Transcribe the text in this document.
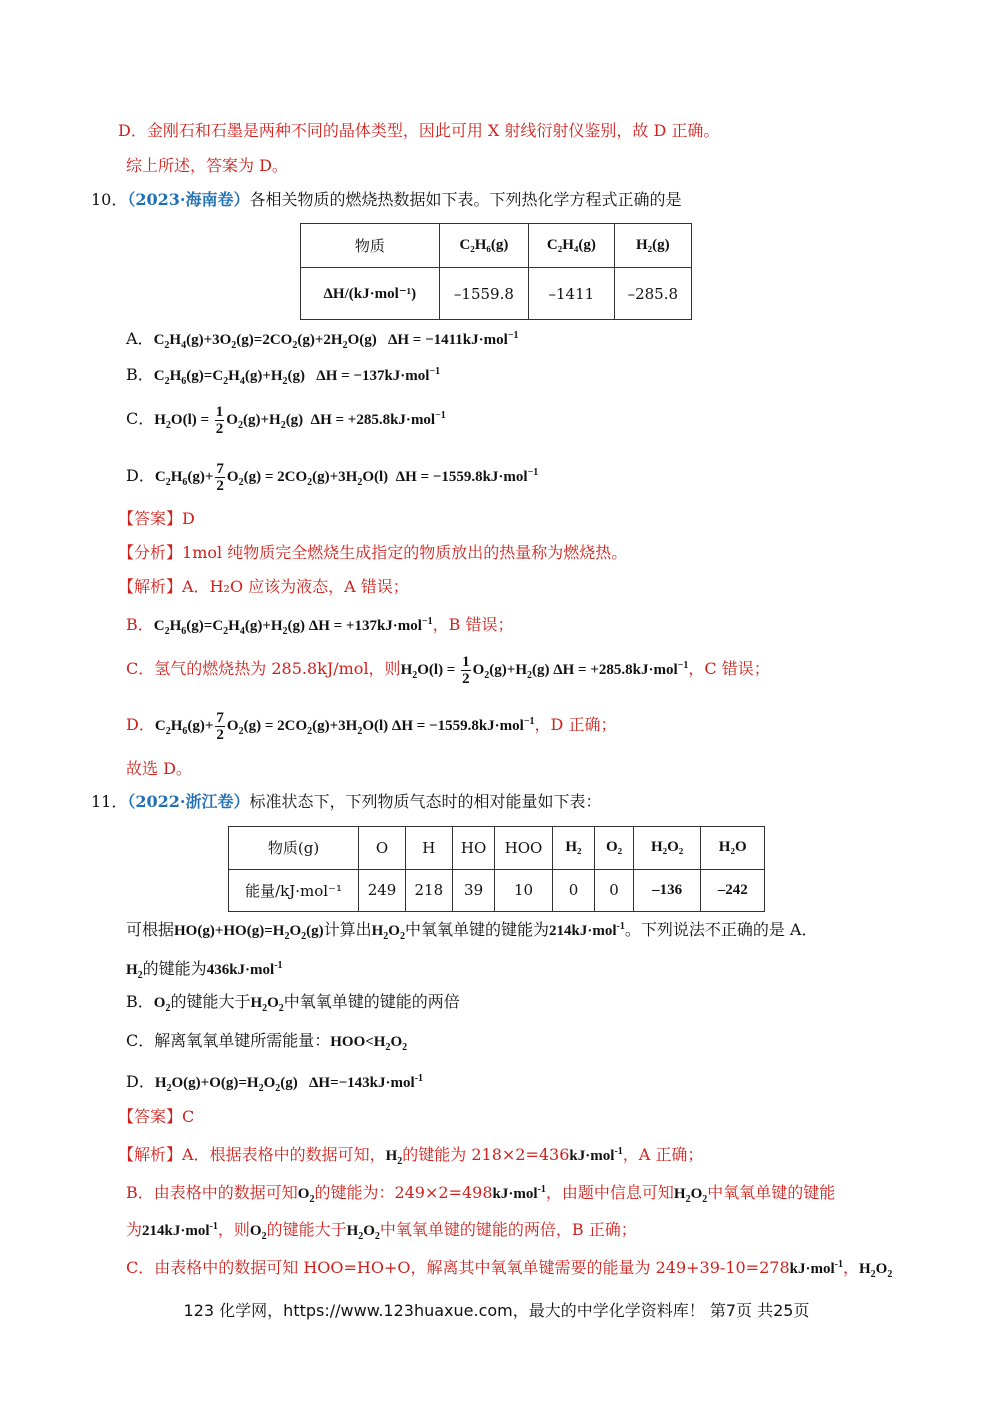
D．金刚石和石墨是两种不同的晶体类型，因此可用 X 射线衍射仪鉴别，故 D 正确。
综上所述，答案为 D。
10．（2023·海南卷）各相关物质的燃烧热数据如下表。下列热化学方程式正确的是
物质	C₂H₆(g)	C₂H₄(g)	H₂(g)
ΔH/(kJ·mol⁻¹)	–1559.8	–1411	–285.8
A．$C_2H_4(g)+3O_2(g)=2CO_2(g)+2H_2O(g) \Delta H = -1411kJ\cdot mol^{-1}$
B．$C_2H_6(g)=C_2H_4(g)+H_2(g) \Delta H = -137kJ\cdot mol^{-1}$
C．$H_2O(l) = \frac{1}{2} O_2(g)+H_2(g) \Delta H = +285.8kJ\cdot mol^{-1}$
D．$C_2H_6(g)+ \frac{7}{2} O_2(g) = 2CO_2(g)+3H_2O(l) \Delta H = -1559.8kJ\cdot mol^{-1}$
【答案】D
【分析】1mol 纯物质完全燃烧生成指定的物质放出的热量称为燃烧热。
【解析】A．H₂O 应该为液态，A 错误；
B．$C_2H_6(g)=C_2H_4(g)+H_2(g) \Delta H = +137kJ\cdot mol^{-1}$，B 错误；
C．氢气的燃烧热为 285.8kJ/mol，则$H_2O(l) = \frac{1}{2} O_2(g)+H_2(g) \Delta H = +285.8kJ\cdot mol^{-1}$，C 错误；
D．$C_2H_6(g)+ \frac{7}{2} O_2(g) = 2CO_2(g)+3H_2O(l) \Delta H = -1559.8kJ\cdot mol^{-1}$，D 正确；
故选 D。
11．（2022·浙江卷）标准状态下，下列物质气态时的相对能量如下表：
物质(g)	O	H	HO	HOO	H₂	O₂	H₂O₂	H₂O
能量/kJ·mol⁻¹	249	218	39	10	0	0	–136	–242
可根据$HO(g)+HO(g)=H_2O_2(g)$计算出$H_2O_2$中氧氧单键的键能为214kJ·mol$^{-1}$。下列说法不正确的是 A．
$H_2$的键能为436kJ·mol$^{-1}$
B．$O_2$的键能大于$H_2O_2$中氧氧单键的键能的两倍
C．解离氧氧单键所需能量：$HOO<H_2O_2$
D．$H_2O(g)+O(g)=H_2O_2(g)$   ΔH=−143kJ·mol$^{-1}$
【答案】C
【解析】A．根据表格中的数据可知，$H_2$的键能为 218×2=436kJ·mol$^{-1}$，A 正确；
B．由表格中的数据可知$O_2$的键能为：249×2=498kJ·mol$^{-1}$，由题中信息可知$H_2O_2$中氧氧单键的键能
为214kJ·mol$^{-1}$，则$O_2$的键能大于$H_2O_2$中氧氧单键的键能的两倍，B 正确；
C．由表格中的数据可知 HOO=HO+O，解离其中氧氧单键需要的能量为 249+39-10=278kJ·mol$^{-1}$，$H_2O_2$
123 化学网，https://www.123huaxue.com，最大的中学化学资料库！ 第7页 共25页
